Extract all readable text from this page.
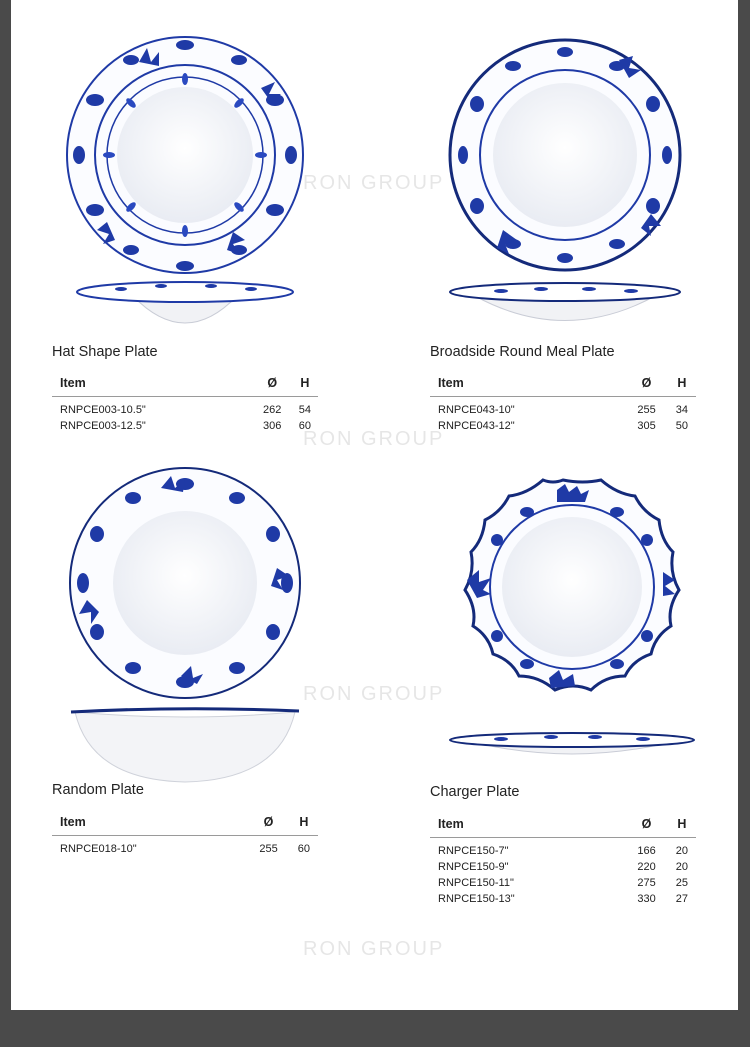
RON GROUP
RON GROUP
RON GROUP
RON GROUP
Hat Shape Plate
Item	Ø	H
RNPCE003-10.5"	262	54
RNPCE003-12.5"	306	60
Broadside Round Meal Plate
Item	Ø	H
RNPCE043-10"	255	34
RNPCE043-12"	305	50
Random Plate
Item	Ø	H
RNPCE018-10"	255	60
Charger Plate
Item	Ø	H
RNPCE150-7"	166	20
RNPCE150-9"	220	20
RNPCE150-11"	275	25
RNPCE150-13"	330	27
